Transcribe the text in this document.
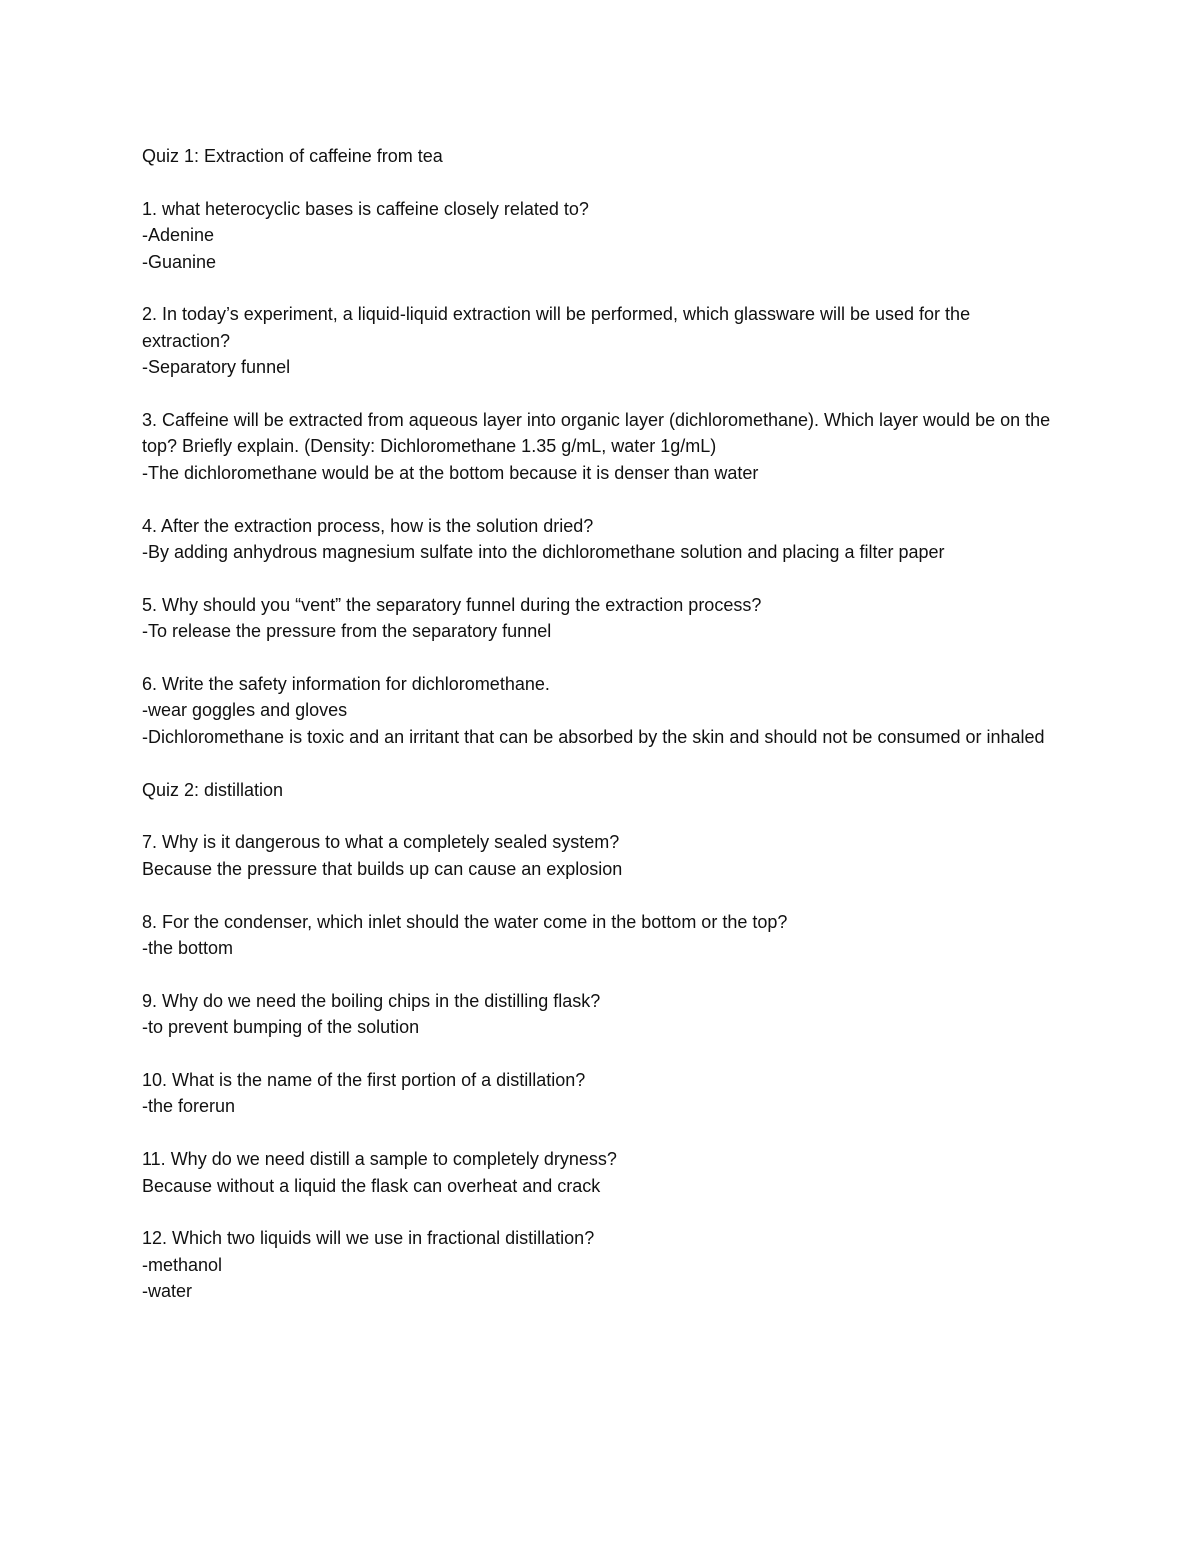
Quiz 1: Extraction of caffeine from tea

1. what heterocyclic bases is caffeine closely related to?

-Adenine

-Guanine

2. In today’s experiment, a liquid-liquid extraction will be performed, which glassware will be used for the extraction?

-Separatory funnel

3. Caffeine will be extracted from aqueous layer into organic layer (dichloromethane). Which layer would be on the top? Briefly explain. (Density: Dichloromethane 1.35 g/mL, water 1g/mL)

-The dichloromethane would be at the bottom because it is denser than water

4. After the extraction process, how is the solution dried?

-By adding anhydrous magnesium sulfate into the dichloromethane solution and placing a filter paper

5. Why should you “vent” the separatory funnel during the extraction process?

-To release the pressure from the separatory funnel

6. Write the safety information for dichloromethane.

-wear goggles and gloves

-Dichloromethane is toxic and an irritant that can be absorbed by the skin and should not be consumed or inhaled

Quiz 2: distillation

7. Why is it dangerous to what a completely sealed system?

Because the pressure that builds up can cause an explosion

8. For the condenser, which inlet should the water come in the bottom or the top?

-the bottom

9. Why do we need the boiling chips in the distilling flask?

-to prevent bumping of the solution

10. What is the name of the first portion of a distillation?

-the forerun

11. Why do we need distill a sample to completely dryness?

Because without a liquid the flask can overheat and crack

12. Which two liquids will we use in fractional distillation?

-methanol

-water
